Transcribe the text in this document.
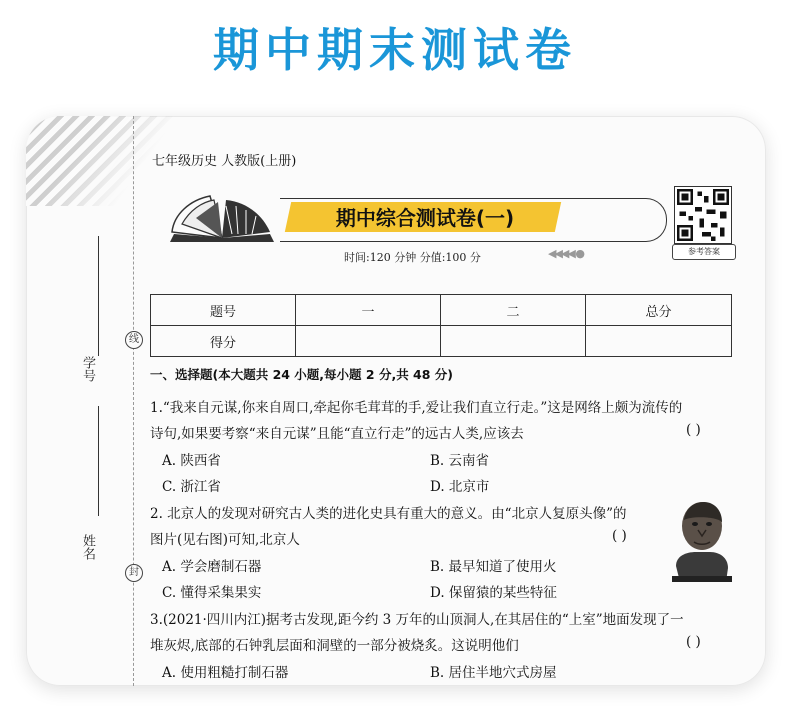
期中期末测试卷
学号
姓名
线
封
七年级历史 人教版(上册)
期中综合测试卷(一)
时间:120 分钟 分值:100 分	◀◀◀◀ ●	参考答案
题号	一	二	总分
得分			
一、选择题(本大题共 24 小题,每小题 2 分,共 48 分)
1.“我来自元谋,你来自周口,牵起你毛茸茸的手,爱让我们直立行走。”这是网络上颇为流传的
诗句,如果要考察“来自元谋”且能“直立行走”的远古人类,应该去	( )
A. 陕西省	B. 云南省
C. 浙江省	D. 北京市
2. 北京人的发现对研究古人类的进化史具有重大的意义。由“北京人复原头像”的
图片(见右图)可知,北京人	( )
A. 学会磨制石器	B. 最早知道了使用火
C. 懂得采集果实	D. 保留猿的某些特征
3.(2021·四川内江)据考古发现,距今约 3 万年的山顶洞人,在其居住的“上室”地面发现了一
堆灰烬,底部的石钟乳层面和洞壁的一部分被烧炙。这说明他们	( )
A. 使用粗糙打制石器	B. 居住半地穴式房屋
